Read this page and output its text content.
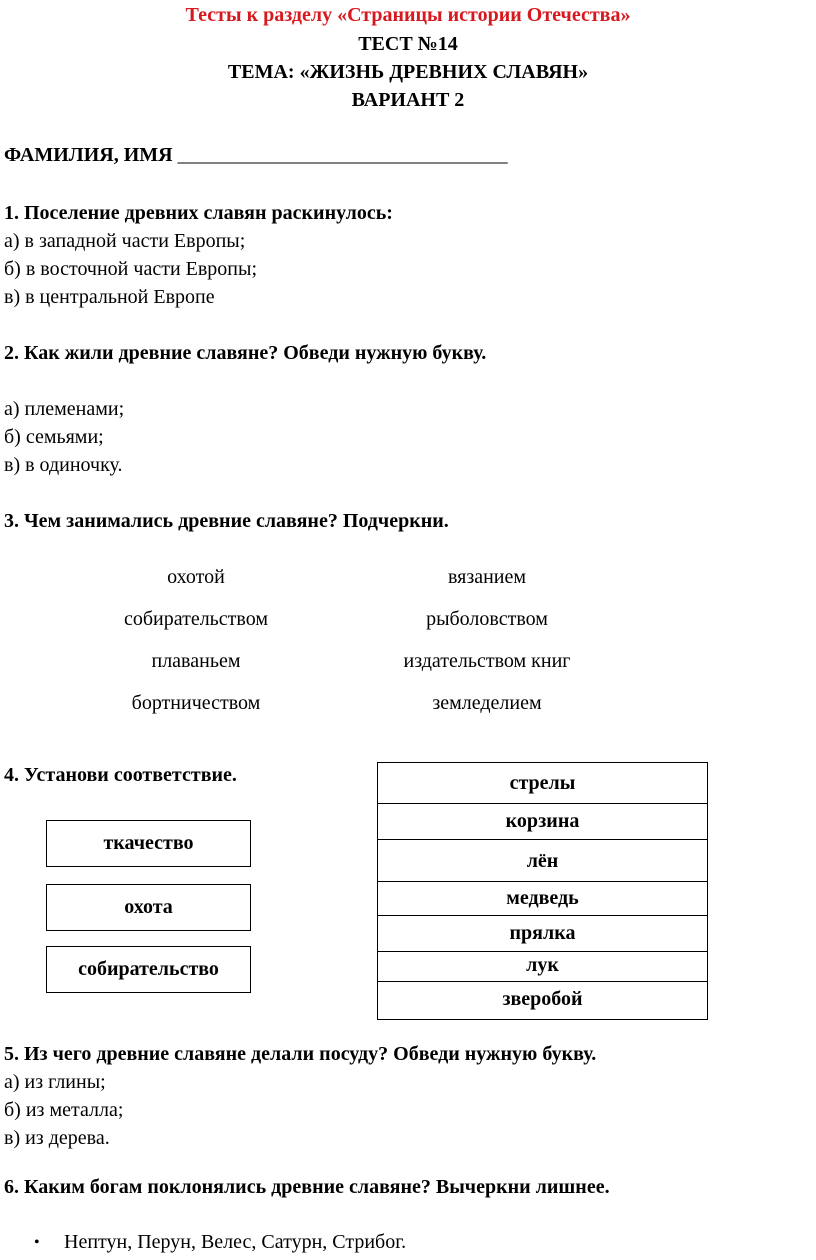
Тесты к разделу «Страницы истории Отечества»
ТЕСТ №14
ТЕМА: «ЖИЗНЬ ДРЕВНИХ СЛАВЯН»
ВАРИАНТ 2
ФАМИЛИЯ, ИМЯ _________________________________
1. Поселение древних славян раскинулось:
а) в западной части Европы;
б) в восточной части Европы;
в) в центральной Европе
2. Как жили древние славяне? Обведи нужную букву.
а) племенами;
б) семьями;
в) в одиночку.
3. Чем занимались древние славяне? Подчеркни.
охотой
собирательством
плаваньем
бортничеством
вязанием
рыболовством
издательством книг
земледелием
4. Установи соответствие.
ткачество
охота
собирательство
стрелы
корзина
лён
медведь
прялка
лук
зверобой
5. Из чего древние славяне делали посуду? Обведи нужную букву.
а) из глины;
б) из металла;
в) из дерева.
6. Каким богам поклонялись древние славяне? Вычеркни лишнее.
• Нептун, Перун, Велес, Сатурн, Стрибог.
